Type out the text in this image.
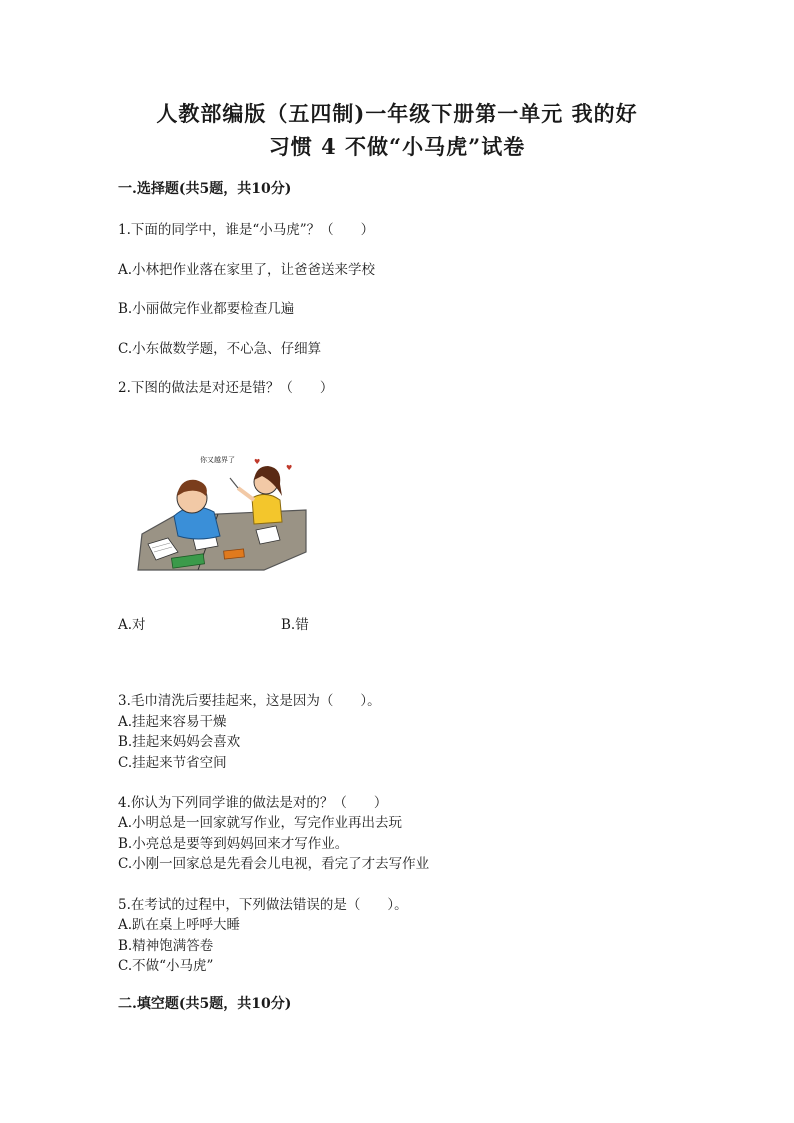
人教部编版（五四制)一年级下册第一单元 我的好
习惯 4 不做“小马虎”试卷
一.选择题(共5题，共10分)
1.下面的同学中，谁是“小马虎”？（　　）
A.小林把作业落在家里了，让爸爸送来学校
B.小丽做完作业都要检查几遍
C.小东做数学题，不心急、仔细算
2.下图的做法是对还是错？（　　）
你又越界了	♥
♥
A.对	B.错
3.毛巾清洗后要挂起来，这是因为（　　）。
A.挂起来容易干燥
B.挂起来妈妈会喜欢
C.挂起来节省空间
4.你认为下列同学谁的做法是对的？（　　）
A.小明总是一回家就写作业，写完作业再出去玩
B.小亮总是要等到妈妈回来才写作业。
C.小刚一回家总是先看会儿电视，看完了才去写作业
5.在考试的过程中，下列做法错误的是（　　）。
A.趴在桌上呼呼大睡
B.精神饱满答卷
C.不做“小马虎”
二.填空题(共5题，共10分)
